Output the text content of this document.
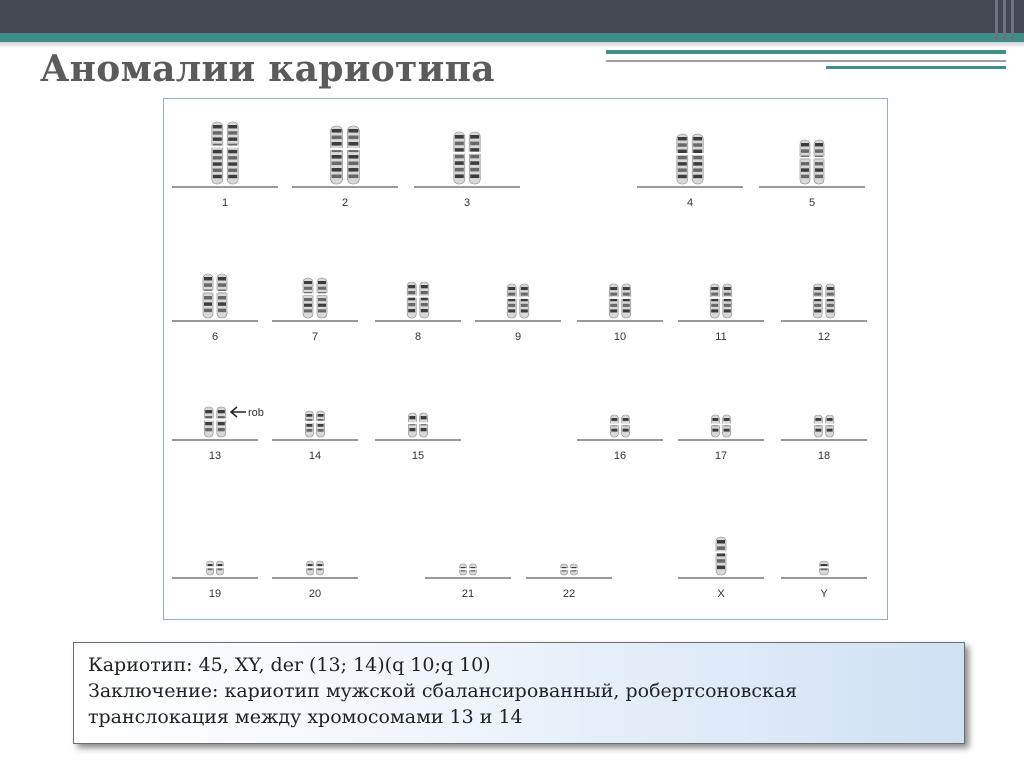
Аномалии кариотипа
1	2	3	4	5
6	7	8	9	10	11	12
13	14	15	16	17	18
19	20	21	22	X	Y
rob
Кариотип: 45, XY, der (13; 14)(q 10;q 10)
Заключение: кариотип мужской сбалансированный, робертсоновская
транслокация между хромосомами 13 и 14
